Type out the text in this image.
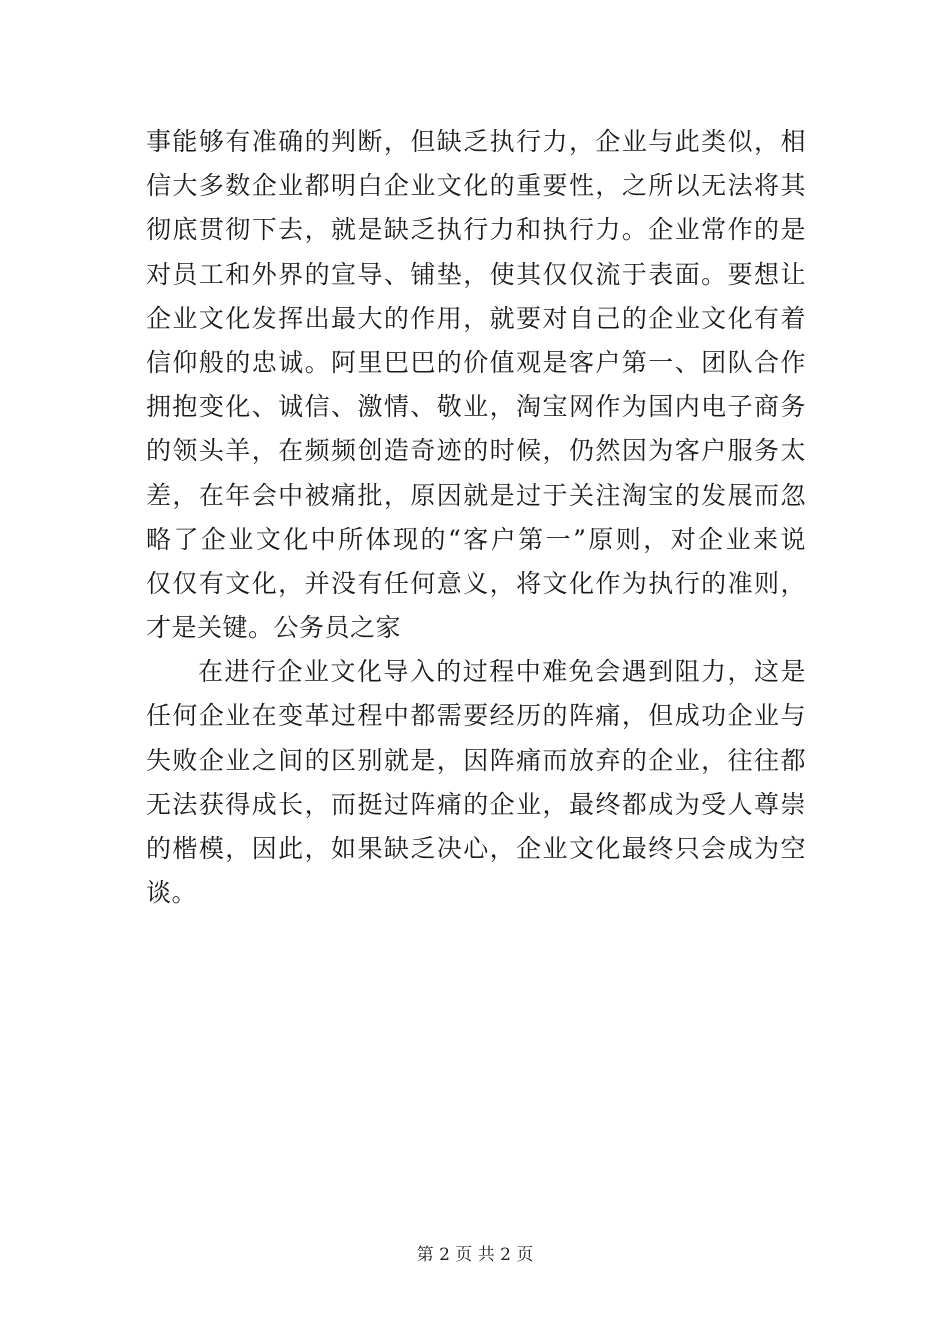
事能够有准确的判断，但缺乏执行力，企业与此类似，相
信大多数企业都明白企业文化的重要性，之所以无法将其
彻底贯彻下去，就是缺乏执行力和执行力。企业常作的是
对员工和外界的宣导、铺垫，使其仅仅流于表面。要想让
企业文化发挥出最大的作用，就要对自己的企业文化有着
信仰般的忠诚。阿里巴巴的价值观是客户第一、团队合作
拥抱变化、诚信、激情、敬业，淘宝网作为国内电子商务
的领头羊，在频频创造奇迹的时候，仍然因为客户服务太
差，在年会中被痛批，原因就是过于关注淘宝的发展而忽
略了企业文化中所体现的“客户第一”原则，对企业来说
仅仅有文化，并没有任何意义，将文化作为执行的准则，
才是关键。公务员之家
在进行企业文化导入的过程中难免会遇到阻力，这是
任何企业在变革过程中都需要经历的阵痛，但成功企业与
失败企业之间的区别就是，因阵痛而放弃的企业，往往都
无法获得成长，而挺过阵痛的企业，最终都成为受人尊崇
的楷模，因此，如果缺乏决心，企业文化最终只会成为空
谈。
第 2 页 共 2 页
